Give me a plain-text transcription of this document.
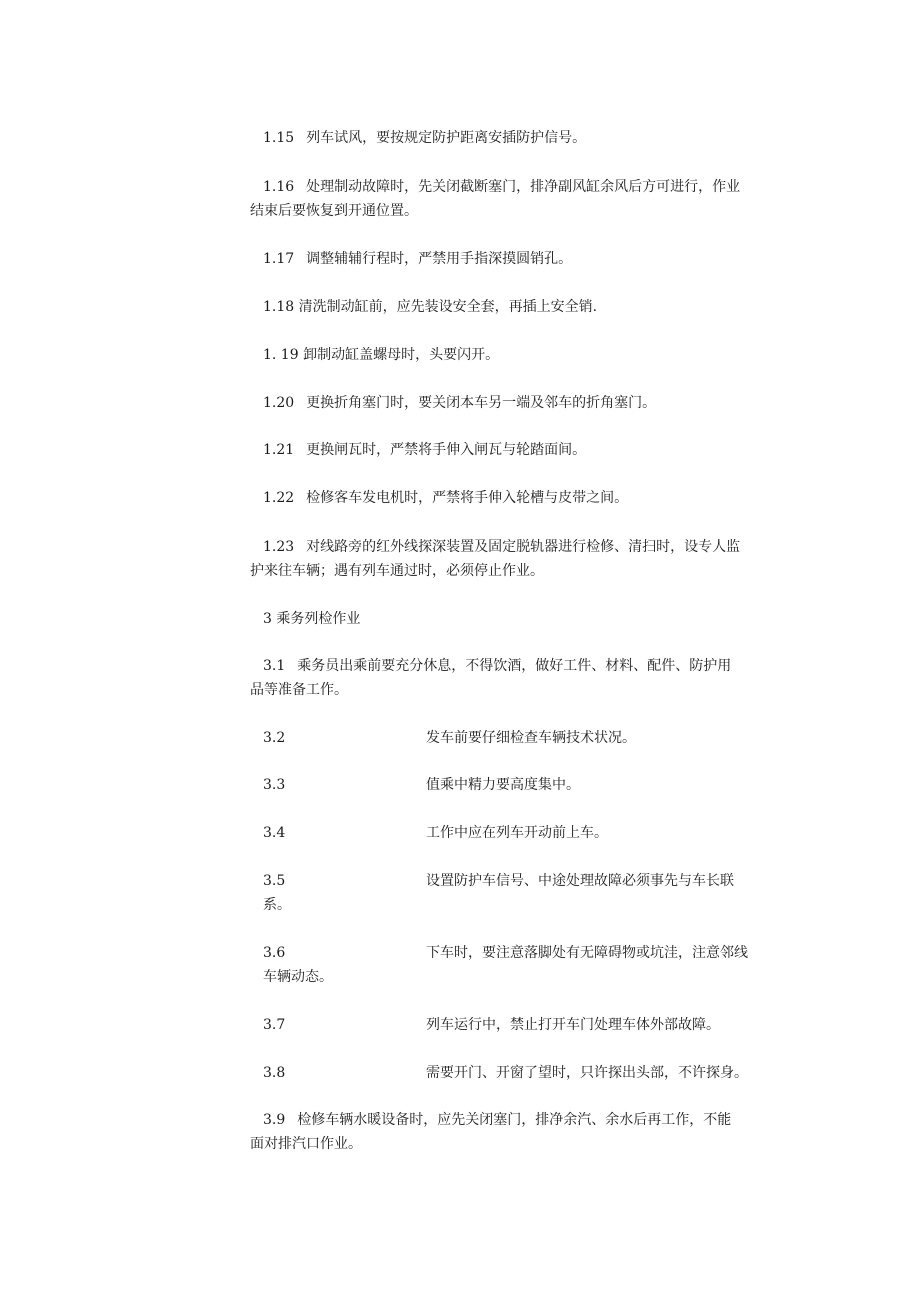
1.15 列车试风，要按规定防护距离安插防护信号。
1.16 处理制动故障时，先关闭截断塞门，排净副风缸余风后方可进行，作业
结束后要恢复到开通位置。
1.17 调整辅辅行程时，严禁用手指深摸圆销孔。
1.18 清洗制动缸前，应先装设安全套，再插上安全销.
1. 19 卸制动缸盖螺母时，头要闪开。
1.20 更换折角塞门时，要关闭本车另一端及邻车的折角塞门。
1.21 更换闸瓦时，严禁将手伸入闸瓦与轮踏面间。
1.22 检修客车发电机时，严禁将手伸入轮槽与皮带之间。
1.23 对线路旁的红外线探深装置及固定脱轨器进行检修、清扫时，设专人监
护来往车辆；遇有列车通过时，必须停止作业。
3 乘务列检作业
3.1 乘务员出乘前要充分休息，不得饮酒，做好工件、材料、配件、防护用
品等准备工作。
3.2	发车前要仔细检查车辆技术状况。
3.3	值乘中精力要高度集中。
3.4	工作中应在列车开动前上车。
3.5	设置防护车信号、中途处理故障必须事先与车长联
系。
3.6	下车时，要注意落脚处有无障碍物或坑洼，注意邻线
车辆动态。
3.7	列车运行中，禁止打开车门处理车体外部故障。
3.8	需要开门、开窗了望时，只许探出头部，不许探身。
3.9 检修车辆水暖设备时，应先关闭塞门，排净余汽、余水后再工作，不能
面对排汽口作业。
